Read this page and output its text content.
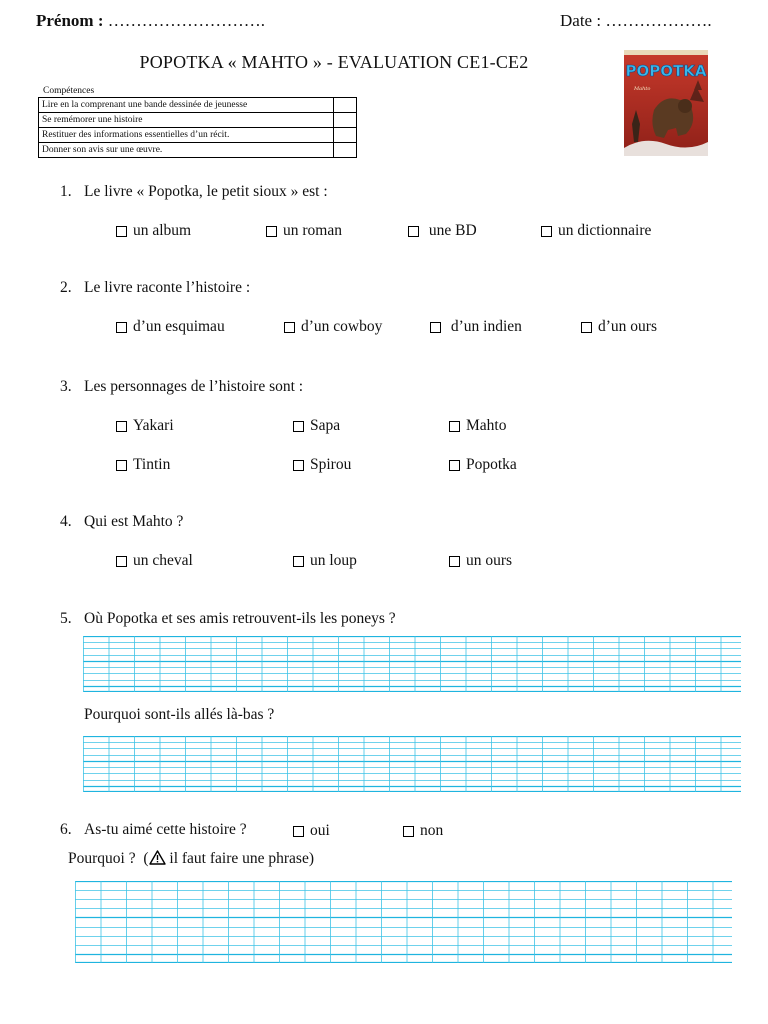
Prénom : ……………………….	Date : ……………….
POPOTKA « MAHTO » - EVALUATION CE1-CE2
Compétences
Lire en la comprenant une bande dessinée de jeunesse	
Se remémorer une histoire	
Restituer des informations essentielles d’un récit.	
Donner son avis sur une œuvre.	
POPOTKA
Mahto
1. Le livre « Popotka, le petit sioux » est :
un album	un roman	une BD	un dictionnaire
2. Le livre raconte l’histoire :
d’un esquimau	d’un cowboy	d’un indien	d’un ours
3. Les personnages de l’histoire sont :
Yakari	Sapa	Mahto
Tintin	Spirou	Popotka
4. Qui est Mahto ?
un cheval	un loup	un ours
5. Où Popotka et ses amis retrouvent-ils les poneys ?
Pourquoi sont-ils allés là-bas ?
6. As-tu aimé cette histoire ?	oui	non
Pourquoi ?  ( il faut faire une phrase)
